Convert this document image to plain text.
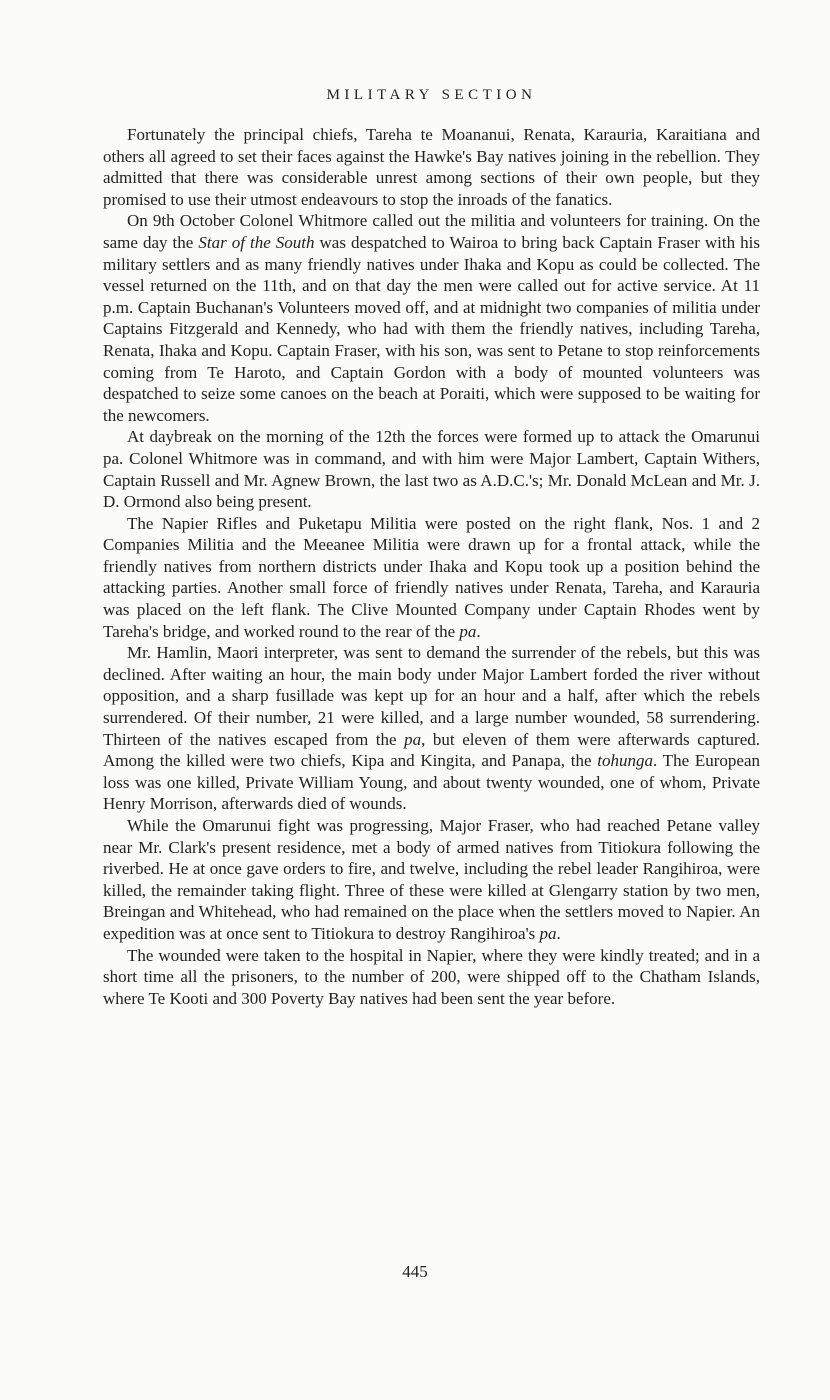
MILITARY SECTION

Fortunately the principal chiefs, Tareha te Moananui, Renata, Karauria, Karaitiana and others all agreed to set their faces against the Hawke's Bay natives joining in the rebellion. They admitted that there was considerable unrest among sections of their own people, but they promised to use their utmost endeavours to stop the inroads of the fanatics.

On 9th October Colonel Whitmore called out the militia and volunteers for training. On the same day the Star of the South was despatched to Wairoa to bring back Captain Fraser with his military settlers and as many friendly natives under Ihaka and Kopu as could be collected. The vessel returned on the 11th, and on that day the men were called out for active service. At 11 p.m. Captain Buchanan's Volunteers moved off, and at midnight two companies of militia under Captains Fitzgerald and Kennedy, who had with them the friendly natives, including Tareha, Renata, Ihaka and Kopu. Captain Fraser, with his son, was sent to Petane to stop reinforcements coming from Te Haroto, and Captain Gordon with a body of mounted volunteers was despatched to seize some canoes on the beach at Poraiti, which were supposed to be waiting for the newcomers.

At daybreak on the morning of the 12th the forces were formed up to attack the Omarunui pa. Colonel Whitmore was in command, and with him were Major Lambert, Captain Withers, Captain Russell and Mr. Agnew Brown, the last two as A.D.C.'s; Mr. Donald McLean and Mr. J. D. Ormond also being present.

The Napier Rifles and Puketapu Militia were posted on the right flank, Nos. 1 and 2 Companies Militia and the Meeanee Militia were drawn up for a frontal attack, while the friendly natives from northern districts under Ihaka and Kopu took up a position behind the attacking parties. Another small force of friendly natives under Renata, Tareha, and Karauria was placed on the left flank. The Clive Mounted Company under Captain Rhodes went by Tareha's bridge, and worked round to the rear of the pa.

Mr. Hamlin, Maori interpreter, was sent to demand the surrender of the rebels, but this was declined. After waiting an hour, the main body under Major Lambert forded the river without opposition, and a sharp fusillade was kept up for an hour and a half, after which the rebels surrendered. Of their number, 21 were killed, and a large number wounded, 58 surrendering. Thirteen of the natives escaped from the pa, but eleven of them were afterwards captured. Among the killed were two chiefs, Kipa and Kingita, and Panapa, the tohunga. The European loss was one killed, Private William Young, and about twenty wounded, one of whom, Private Henry Morrison, afterwards died of wounds.

While the Omarunui fight was progressing, Major Fraser, who had reached Petane valley near Mr. Clark's present residence, met a body of armed natives from Titiokura following the riverbed. He at once gave orders to fire, and twelve, including the rebel leader Rangihiroa, were killed, the remainder taking flight. Three of these were killed at Glengarry station by two men, Breingan and Whitehead, who had remained on the place when the settlers moved to Napier. An expedition was at once sent to Titiokura to destroy Rangihiroa's pa.

The wounded were taken to the hospital in Napier, where they were kindly treated; and in a short time all the prisoners, to the number of 200, were shipped off to the Chatham Islands, where Te Kooti and 300 Poverty Bay natives had been sent the year before.

445
